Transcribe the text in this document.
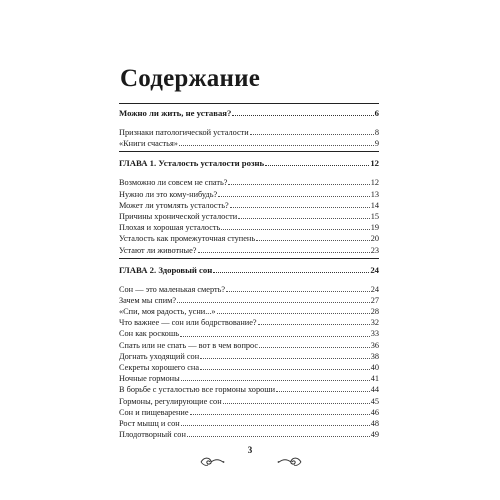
Содержание
Можно ли жить, не уставая?	6
Признаки патологической усталости	8
«Книги счастья»	9
ГЛАВА 1. Усталость усталости рознь	12
Возможно ли совсем не спать?	12
Нужно ли это кому-нибудь?	13
Может ли утомлять усталость?	14
Причины хронической усталости	15
Плохая и хорошая усталость	19
Усталость как промежуточная ступень	20
Устают ли животные?	23
ГЛАВА 2. Здоровый сон	24
Сон — это маленькая смерть?	24
Зачем мы спим?	27
«Спи, моя радость, усни...»	28
Что важнее — сон или бодрствование?	32
Сон как роскошь	33
Спать или не спать — вот в чем вопрос	36
Догнать уходящий сон	38
Секреты хорошего сна	40
Ночные гормоны	41
В борьбе с усталостью все гормоны хороши	44
Гормоны, регулирующие сон	45
Сон и пищеварение	46
Рост мышц и сон	48
Плодотворный сон	49
3
